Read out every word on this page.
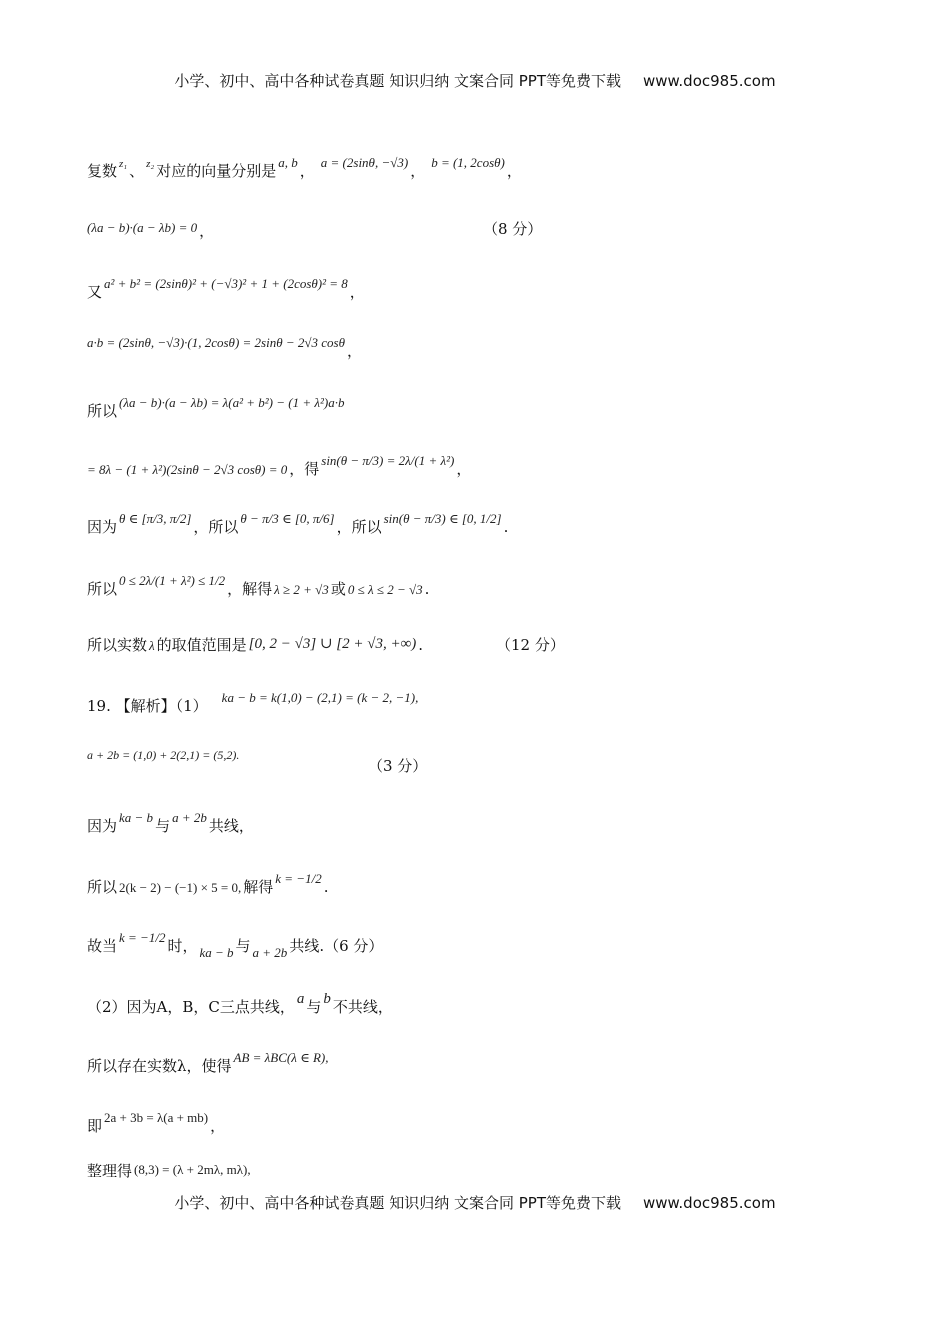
小学、初中、高中各种试卷真题 知识归纳 文案合同 PPT等免费下载 www.doc985.com
复数 $^{z_1}$ 、 $^{z_2}$ 对应的向量分别是 a, b ， a = (2sinθ, −√3) ， b = (1, 2cosθ) ，
(λa − b)·(a − λb) = 0 ，	（8 分）
又 a² + b² = (2sinθ)² + (−√3)² + 1 + (2cosθ)² = 8 ，
a·b = (2sinθ, −√3)·(1, 2cosθ) = 2sinθ − 2√3 cosθ ，
所以 (λa − b)·(a − λb) = λ(a² + b²) − (1 + λ²)a·b
= 8λ − (1 + λ²)(2sinθ − 2√3 cosθ) = 0 ，得 sin(θ − π/3) = 2λ/(1 + λ²) ，
因为 θ ∈ [π/3, π/2] ，所以 θ − π/3 ∈ [0, π/6] ，所以 sin(θ − π/3) ∈ [0, 1/2] .
所以 0 ≤ 2λ/(1 + λ²) ≤ 1/2 ，解得 λ ≥ 2 + √3 或 0 ≤ λ ≤ 2 − √3 .
所以实数 λ 的取值范围是 [0, 2 − √3] ∪ [2 + √3, +∞) .	（12 分）
19. 【解析】（1） ka − b = k(1,0) − (2,1) = (k − 2, −1),
a + 2b = (1,0) + 2(2,1) = (5,2).
（3 分）
因为 ka − b 与 a + 2b 共线，
所以 2(k − 2) − (−1) × 5 = 0, 解得 k = −1/2 .
故当 k = −1/2 时， ka − b 与 a + 2b 共线.（6 分）
（2）因为A，B，C三点共线， a 与 b 不共线，
所以存在实数λ，使得 AB = λBC(λ ∈ R),
即 2a + 3b = λ(a + mb) ，
整理得 (8,3) = (λ + 2mλ, mλ),
小学、初中、高中各种试卷真题 知识归纳 文案合同 PPT等免费下载 www.doc985.com
